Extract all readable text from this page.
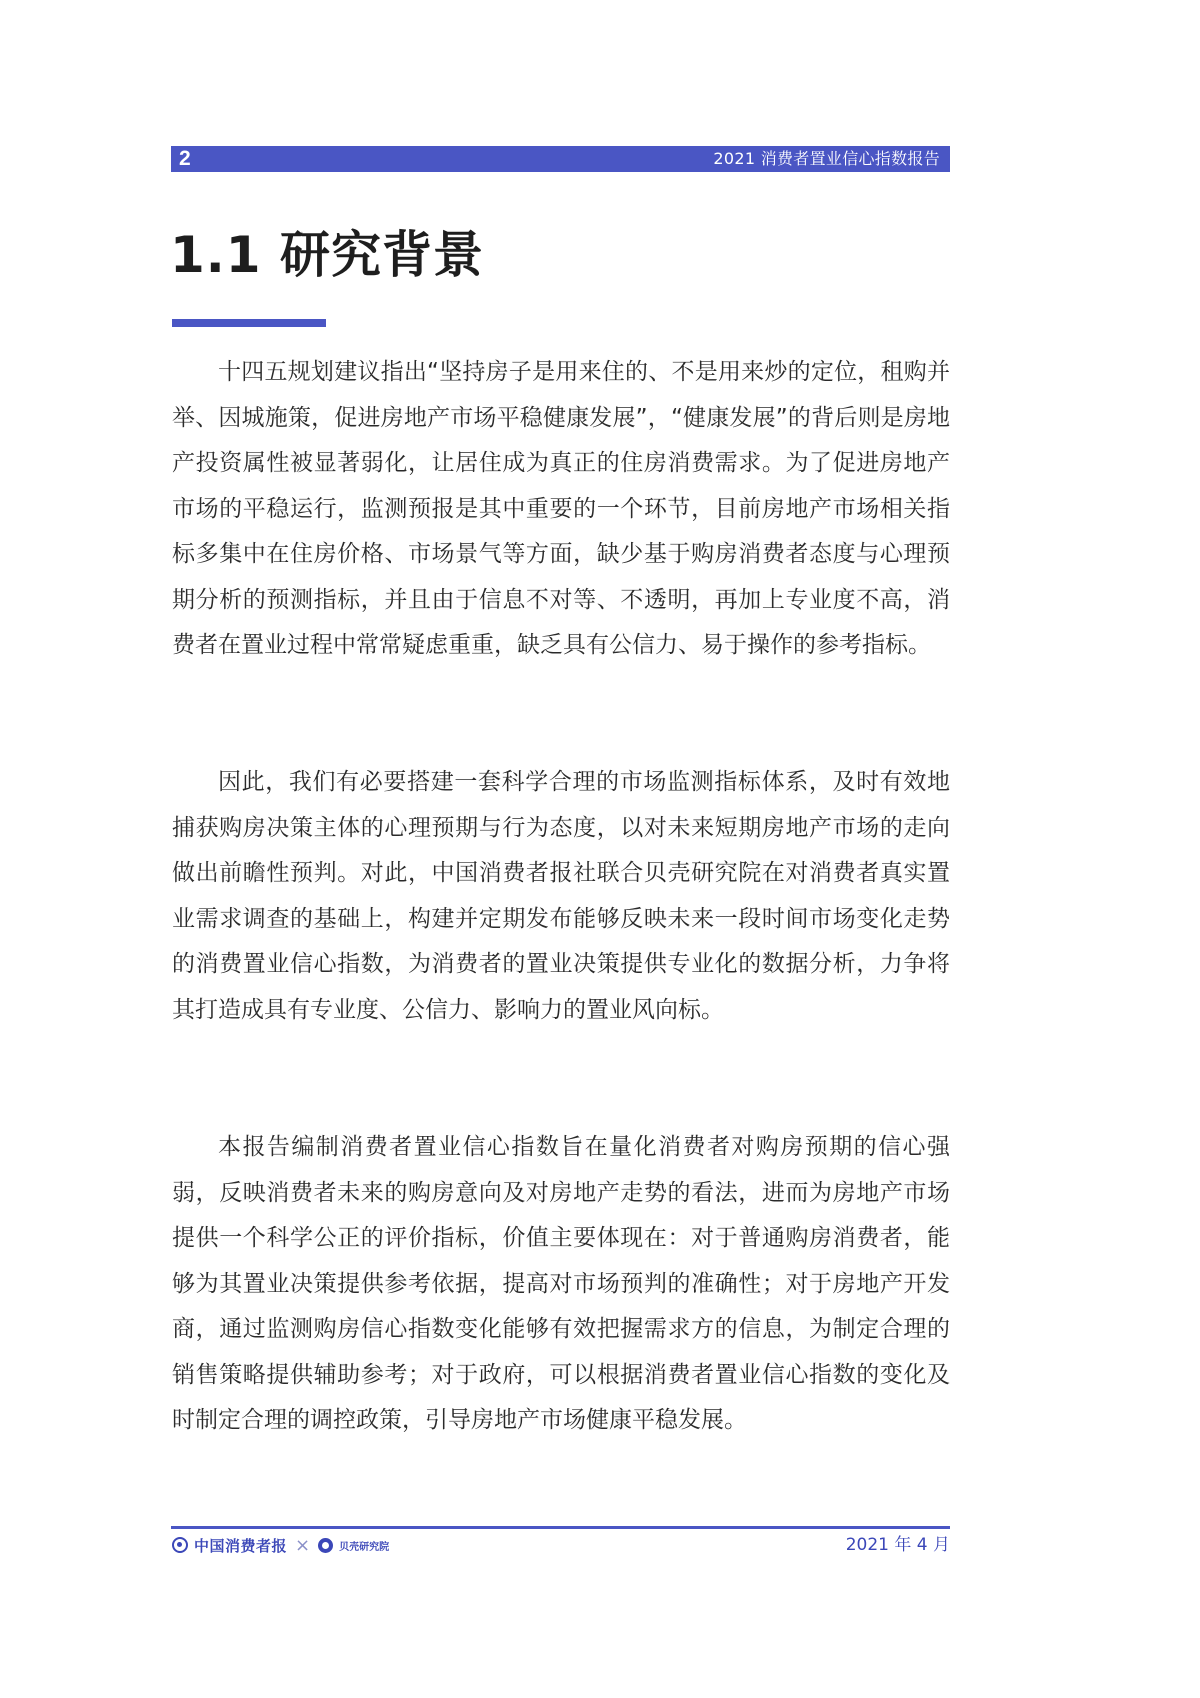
2	2021 消费者置业信心指数报告
1.1 研究背景

十四五规划建议指出“坚持房子是用来住的、不是用来炒的定位，租购并举、因城施策，促进房地产市场平稳健康发展”，“健康发展”的背后则是房地产投资属性被显著弱化，让居住成为真正的住房消费需求。为了促进房地产市场的平稳运行，监测预报是其中重要的一个环节，目前房地产市场相关指标多集中在住房价格、市场景气等方面，缺少基于购房消费者态度与心理预期分析的预测指标，并且由于信息不对等、不透明，再加上专业度不高，消费者在置业过程中常常疑虑重重，缺乏具有公信力、易于操作的参考指标。

因此，我们有必要搭建一套科学合理的市场监测指标体系，及时有效地捕获购房决策主体的心理预期与行为态度，以对未来短期房地产市场的走向做出前瞻性预判。对此，中国消费者报社联合贝壳研究院在对消费者真实置业需求调查的基础上，构建并定期发布能够反映未来一段时间市场变化走势的消费置业信心指数，为消费者的置业决策提供专业化的数据分析，力争将其打造成具有专业度、公信力、影响力的置业风向标。

本报告编制消费者置业信心指数旨在量化消费者对购房预期的信心强弱，反映消费者未来的购房意向及对房地产走势的看法，进而为房地产市场提供一个科学公正的评价指标，价值主要体现在：对于普通购房消费者，能够为其置业决策提供参考依据，提高对市场预判的准确性；对于房地产开发商，通过监测购房信心指数变化能够有效把握需求方的信息，为制定合理的销售策略提供辅助参考；对于政府，可以根据消费者置业信心指数的变化及时制定合理的调控政策，引导房地产市场健康平稳发展。

中国消费者报 ×	贝壳研究院	2021 年 4 月
